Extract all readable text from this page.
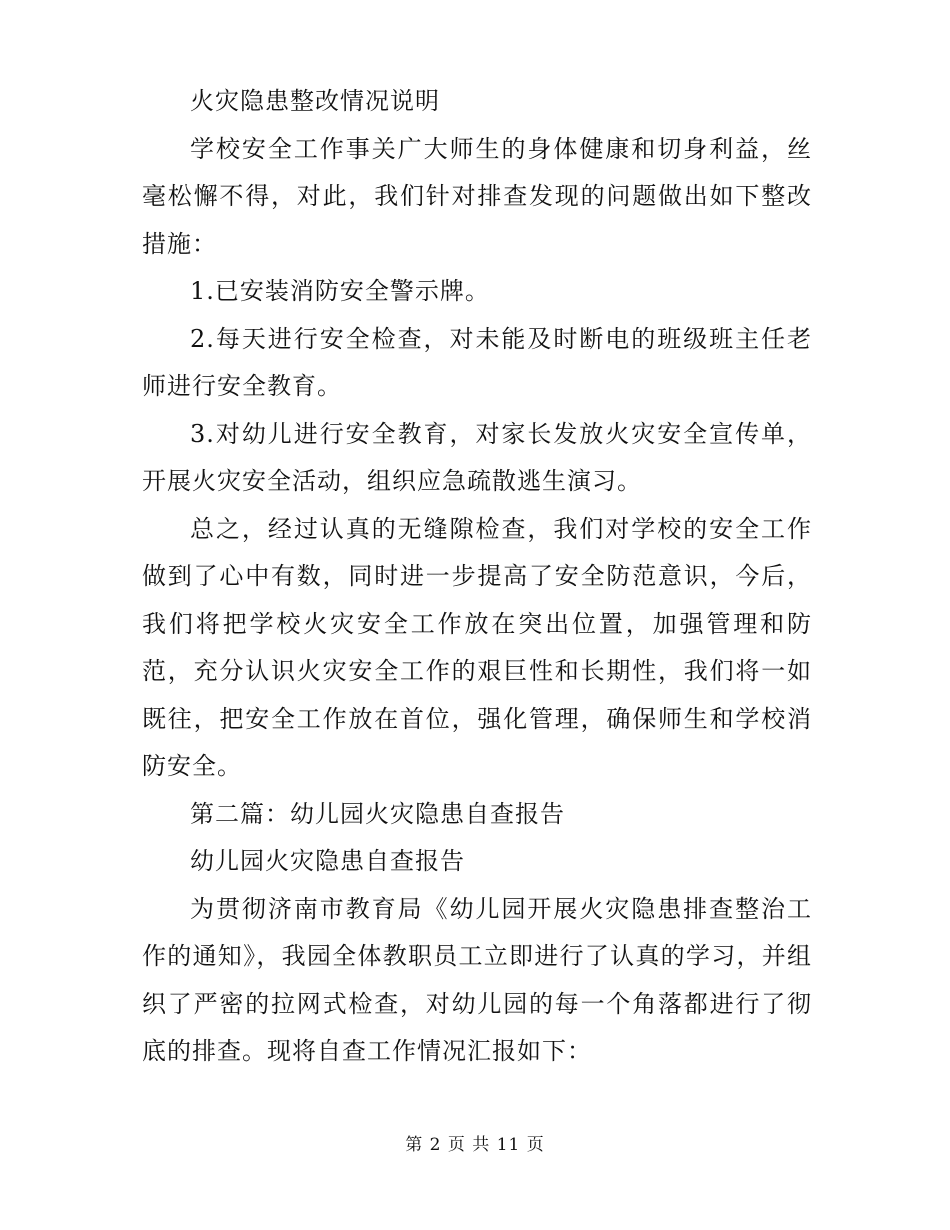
火灾隐患整改情况说明

学校安全工作事关广大师生的身体健康和切身利益，丝毫松懈不得，对此，我们针对排查发现的问题做出如下整改措施：

1.已安装消防安全警示牌。

2.每天进行安全检查，对未能及时断电的班级班主任老师进行安全教育。

3.对幼儿进行安全教育，对家长发放火灾安全宣传单，开展火灾安全活动，组织应急疏散逃生演习。

总之，经过认真的无缝隙检查，我们对学校的安全工作做到了心中有数，同时进一步提高了安全防范意识，今后，我们将把学校火灾安全工作放在突出位置，加强管理和防范，充分认识火灾安全工作的艰巨性和长期性，我们将一如既往，把安全工作放在首位，强化管理，确保师生和学校消防安全。

第二篇：幼儿园火灾隐患自查报告

幼儿园火灾隐患自查报告

为贯彻济南市教育局《幼儿园开展火灾隐患排查整治工作的通知》，我园全体教职员工立即进行了认真的学习，并组织了严密的拉网式检查，对幼儿园的每一个角落都进行了彻底的排查。现将自查工作情况汇报如下：

第 2 页 共 11 页
